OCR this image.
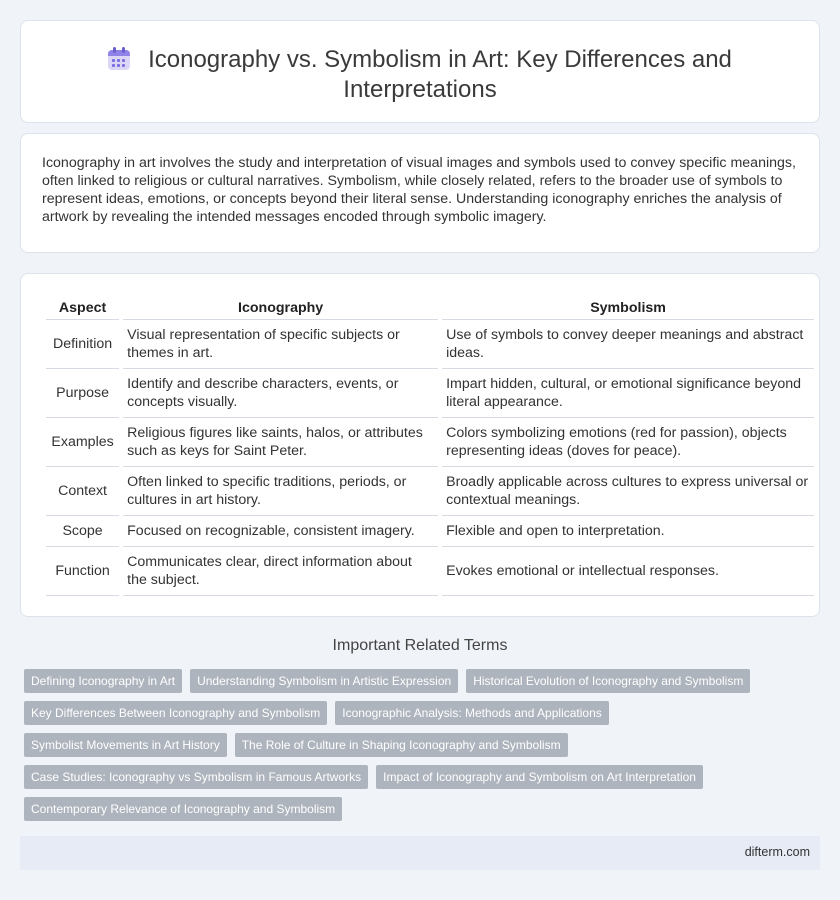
Iconography vs. Symbolism in Art: Key Differences and
Interpretations

Iconography in art involves the study and interpretation of visual images and symbols used to convey specific meanings, often linked to religious or cultural narratives. Symbolism, while closely related, refers to the broader use of symbols to represent ideas, emotions, or concepts beyond their literal sense. Understanding iconography enriches the analysis of artwork by revealing the intended messages encoded through symbolic imagery.

Aspect	Iconography	Symbolism
Definition	Visual representation of specific subjects or themes in art.	Use of symbols to convey deeper meanings and abstract ideas.
Purpose	Identify and describe characters, events, or concepts visually.	Impart hidden, cultural, or emotional significance beyond literal appearance.
Examples	Religious figures like saints, halos, or attributes such as keys for Saint Peter.	Colors symbolizing emotions (red for passion), objects representing ideas (doves for peace).
Context	Often linked to specific traditions, periods, or cultures in art history.	Broadly applicable across cultures to express universal or contextual meanings.
Scope	Focused on recognizable, consistent imagery.	Flexible and open to interpretation.
Function	Communicates clear, direct information about the subject.	Evokes emotional or intellectual responses.
Important Related Terms
Defining Iconography in Art	Understanding Symbolism in Artistic Expression	Historical Evolution of Iconography and Symbolism
Key Differences Between Iconography and Symbolism	Iconographic Analysis: Methods and Applications
Symbolist Movements in Art History	The Role of Culture in Shaping Iconography and Symbolism
Case Studies: Iconography vs Symbolism in Famous Artworks	Impact of Iconography and Symbolism on Art Interpretation
Contemporary Relevance of Iconography and Symbolism
difterm.com
